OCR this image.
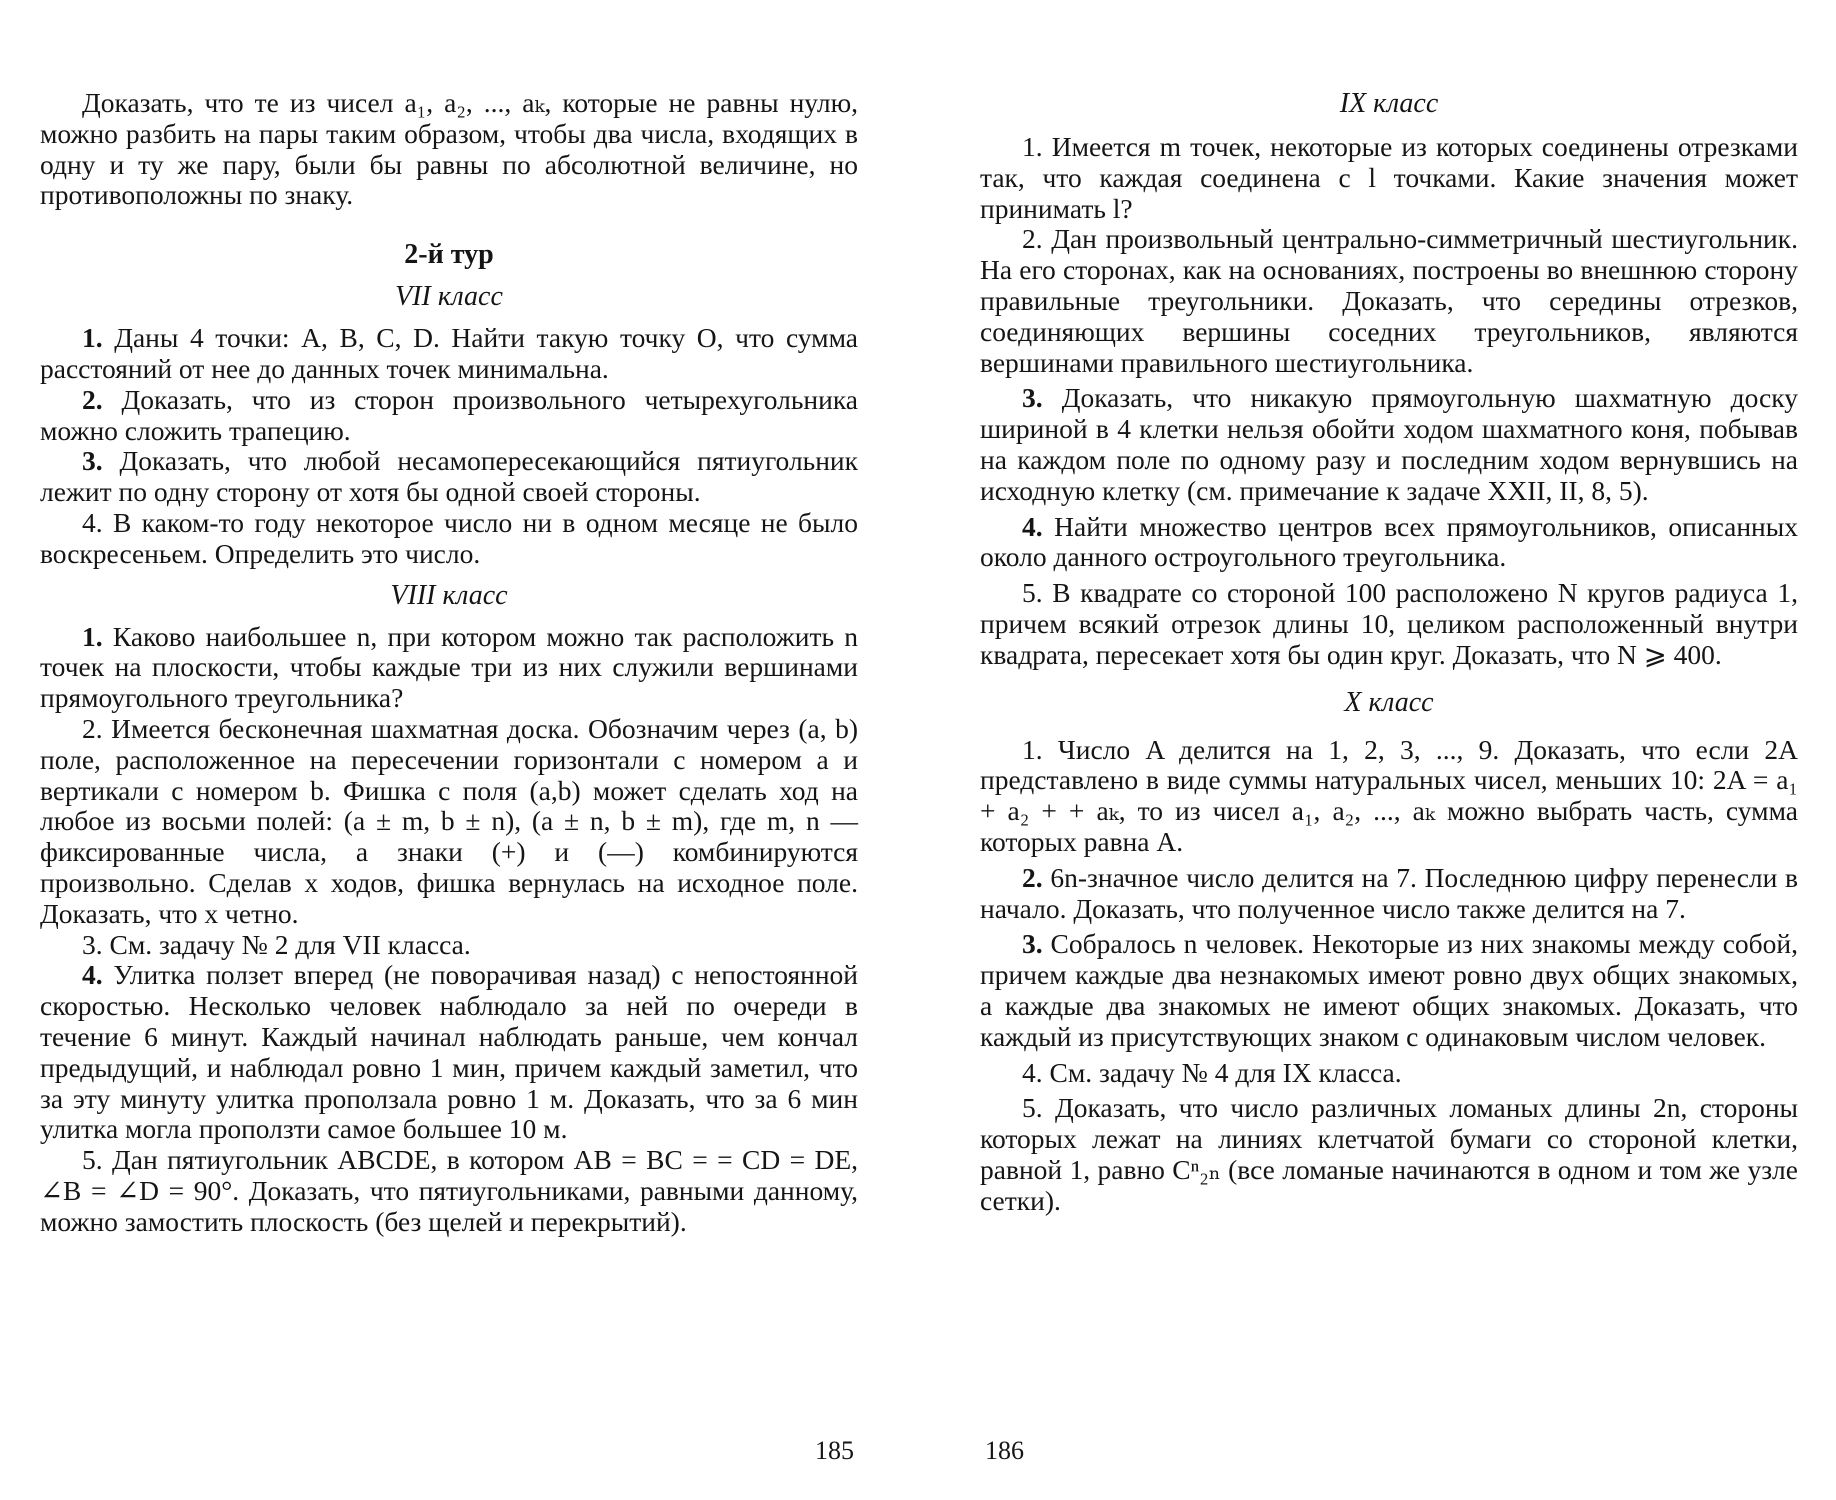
Доказать, что те из чисел a₁, a₂, ..., aₖ, которые не равны нулю, можно разбить на пары таким образом, чтобы два числа, входящих в одну и ту же пару, были бы равны по абсолютной величине, но противоположны по знаку.

2-й тур
VII класс

1. Даны 4 точки: A, B, C, D. Найти такую точку O, что сумма расстояний от нее до данных точек минимальна.

2. Доказать, что из сторон произвольного четырехугольника можно сложить трапецию.

3. Доказать, что любой несамопересекающийся пятиугольник лежит по одну сторону от хотя бы одной своей стороны.

4. В каком-то году некоторое число ни в одном месяце не было воскресеньем. Определить это число.

VIII класс

1. Каково наибольшее n, при котором можно так расположить n точек на плоскости, чтобы каждые три из них служили вершинами прямоугольного треугольника?

2. Имеется бесконечная шахматная доска. Обозначим через (a, b) поле, расположенное на пересечении горизонтали с номером a и вертикали с номером b. Фишка с поля (a,b) может сделать ход на любое из восьми полей: (a ± m, b ± n), (a ± n, b ± m), где m, n — фиксированные числа, а знаки (+) и (—) комбинируются произвольно. Сделав x ходов, фишка вернулась на исходное поле. Доказать, что x четно.

3. См. задачу № 2 для VII класса.

4. Улитка ползет вперед (не поворачивая назад) с непостоянной скоростью. Несколько человек наблюдало за ней по очереди в течение 6 минут. Каждый начинал наблюдать раньше, чем кончал предыдущий, и наблюдал ровно 1 мин, причем каждый заметил, что за эту минуту улитка проползала ровно 1 м. Доказать, что за 6 мин улитка могла проползти самое большее 10 м.

5. Дан пятиугольник ABCDE, в котором AB = BC = = CD = DE, ∠B = ∠D = 90°. Доказать, что пятиугольниками, равными данному, можно замостить плоскость (без щелей и перекрытий).

185
IX класс

1. Имеется m точек, некоторые из которых соединены отрезками так, что каждая соединена с l точками. Какие значения может принимать l?

2. Дан произвольный центрально-симметричный шестиугольник. На его сторонах, как на основаниях, построены во внешнюю сторону правильные треугольники. Доказать, что середины отрезков, соединяющих вершины соседних треугольников, являются вершинами правильного шестиугольника.

3. Доказать, что никакую прямоугольную шахматную доску шириной в 4 клетки нельзя обойти ходом шахматного коня, побывав на каждом поле по одному разу и последним ходом вернувшись на исходную клетку (см. примечание к задаче XXII, II, 8, 5).

4. Найти множество центров всех прямоугольников, описанных около данного остроугольного треугольника.

5. В квадрате со стороной 100 расположено N кругов радиуса 1, причем всякий отрезок длины 10, целиком расположенный внутри квадрата, пересекает хотя бы один круг. Доказать, что N ⩾ 400.

X класс

1. Число A делится на 1, 2, 3, ..., 9. Доказать, что если 2A представлено в виде суммы натуральных чисел, меньших 10: 2A = a₁ + a₂ + + aₖ, то из чисел a₁, a₂, ..., aₖ можно выбрать часть, сумма которых равна A.

2. 6n-значное число делится на 7. Последнюю цифру перенесли в начало. Доказать, что полученное число также делится на 7.

3. Собралось n человек. Некоторые из них знакомы между собой, причем каждые два незнакомых имеют ровно двух общих знакомых, а каждые два знакомых не имеют общих знакомых. Доказать, что каждый из присутствующих знаком с одинаковым числом человек.

4. См. задачу № 4 для IX класса.

5. Доказать, что число различных ломаных длины 2n, стороны которых лежат на линиях клетчатой бумаги со стороной клетки, равной 1, равно Cⁿ₂ₙ (все ломаные начинаются в одном и том же узле сетки).

186
